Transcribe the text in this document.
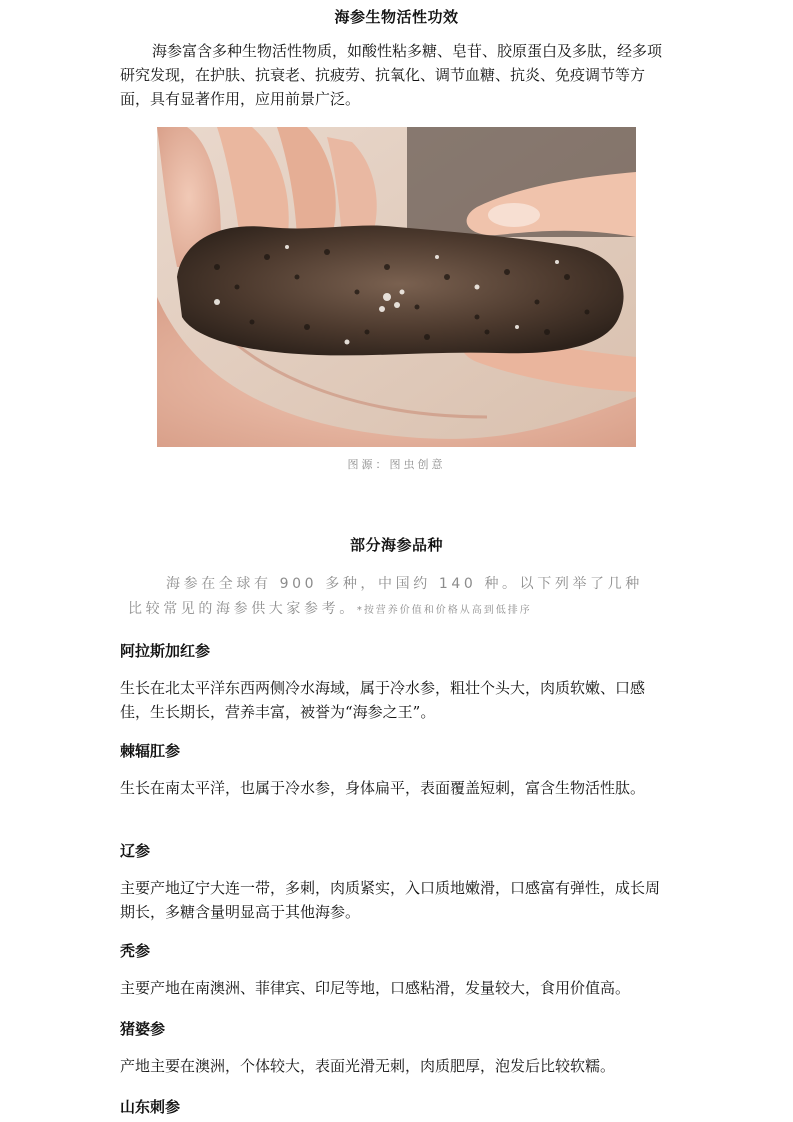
海参生物活性功效

海参富含多种生物活性物质，如酸性粘多糖、皂苷、胶原蛋白及多肽，经多项研究发现，在护肤、抗衰老、抗疲劳、抗氧化、调节血糖、抗炎、免疫调节等方面，具有显著作用，应用前景广泛。

图源：图虫创意
部分海参品种
海参在全球有 900 多种，中国约 140 种。以下列举了几种
比较常见的海参供大家参考。*按营养价值和价格从高到低排序
阿拉斯加红参

生长在北太平洋东西两侧冷水海域，属于冷水参，粗壮个头大，肉质软嫩、口感佳，生长期长，营养丰富，被誉为“海参之王”。

棘辐肛参

生长在南太平洋，也属于冷水参，身体扁平，表面覆盖短刺，富含生物活性肽。

辽参

主要产地辽宁大连一带，多刺，肉质紧实，入口质地嫩滑，口感富有弹性，成长周期长，多糖含量明显高于其他海参。

秃参

主要产地在南澳洲、菲律宾、印尼等地，口感粘滑，发量较大，食用价值高。

猪婆参

产地主要在澳洲，个体较大，表面光滑无刺，肉质肥厚，泡发后比较软糯。

山东刺参
